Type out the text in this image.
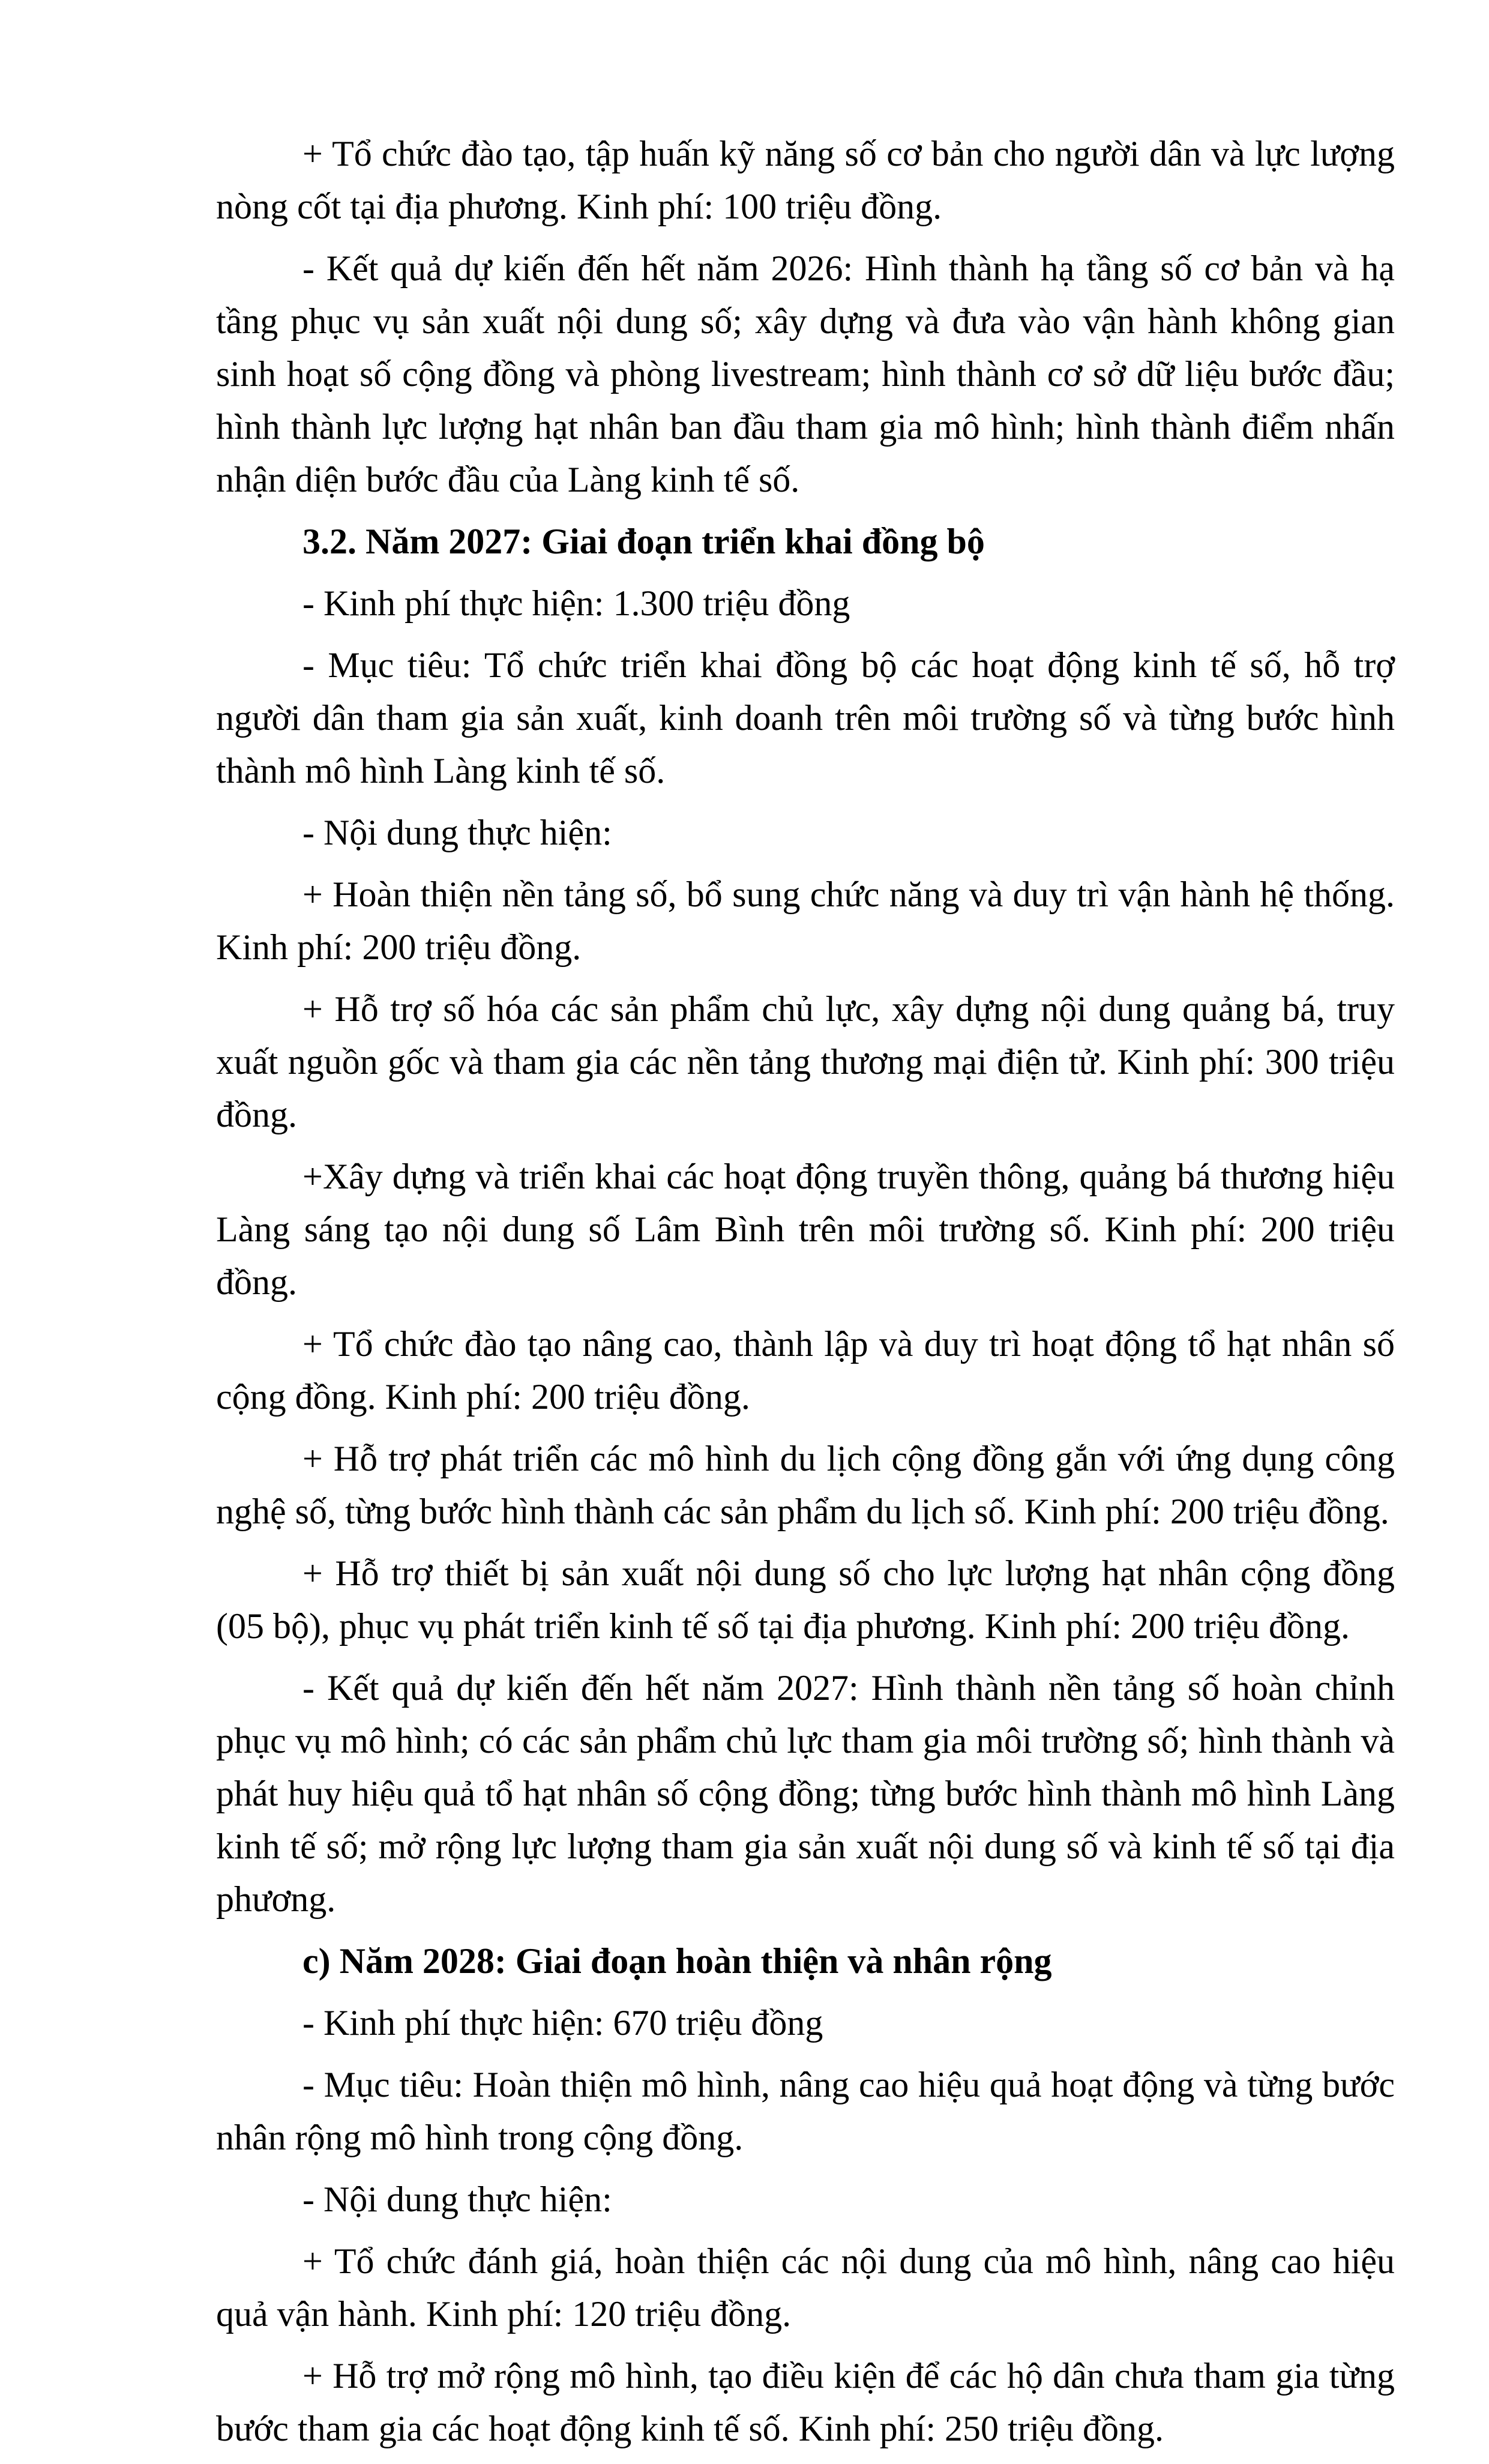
+ Tổ chức đào tạo, tập huấn kỹ năng số cơ bản cho người dân và lực lượng nòng cốt tại địa phương. Kinh phí: 100 triệu đồng.

- Kết quả dự kiến đến hết năm 2026: Hình thành hạ tầng số cơ bản và hạ tầng phục vụ sản xuất nội dung số; xây dựng và đưa vào vận hành không gian sinh hoạt số cộng đồng và phòng livestream; hình thành cơ sở dữ liệu bước đầu; hình thành lực lượng hạt nhân ban đầu tham gia mô hình; hình thành điểm nhấn nhận diện bước đầu của Làng kinh tế số.

3.2. Năm 2027: Giai đoạn triển khai đồng bộ

- Kinh phí thực hiện: 1.300 triệu đồng

- Mục tiêu: Tổ chức triển khai đồng bộ các hoạt động kinh tế số, hỗ trợ người dân tham gia sản xuất, kinh doanh trên môi trường số và từng bước hình thành mô hình Làng kinh tế số.

- Nội dung thực hiện:

+ Hoàn thiện nền tảng số, bổ sung chức năng và duy trì vận hành hệ thống. Kinh phí: 200 triệu đồng.

+ Hỗ trợ số hóa các sản phẩm chủ lực, xây dựng nội dung quảng bá, truy xuất nguồn gốc và tham gia các nền tảng thương mại điện tử. Kinh phí: 300 triệu đồng.

+Xây dựng và triển khai các hoạt động truyền thông, quảng bá thương hiệu Làng sáng tạo nội dung số Lâm Bình trên môi trường số. Kinh phí: 200 triệu đồng.

+ Tổ chức đào tạo nâng cao, thành lập và duy trì hoạt động tổ hạt nhân số cộng đồng. Kinh phí: 200 triệu đồng.

+ Hỗ trợ phát triển các mô hình du lịch cộng đồng gắn với ứng dụng công nghệ số, từng bước hình thành các sản phẩm du lịch số. Kinh phí: 200 triệu đồng.

+ Hỗ trợ thiết bị sản xuất nội dung số cho lực lượng hạt nhân cộng đồng (05 bộ), phục vụ phát triển kinh tế số tại địa phương. Kinh phí: 200 triệu đồng.

- Kết quả dự kiến đến hết năm 2027: Hình thành nền tảng số hoàn chỉnh phục vụ mô hình; có các sản phẩm chủ lực tham gia môi trường số; hình thành và phát huy hiệu quả tổ hạt nhân số cộng đồng; từng bước hình thành mô hình Làng kinh tế số; mở rộng lực lượng tham gia sản xuất nội dung số và kinh tế số tại địa phương.

c) Năm 2028: Giai đoạn hoàn thiện và nhân rộng

- Kinh phí thực hiện: 670 triệu đồng

- Mục tiêu: Hoàn thiện mô hình, nâng cao hiệu quả hoạt động và từng bước nhân rộng mô hình trong cộng đồng.

- Nội dung thực hiện:

+ Tổ chức đánh giá, hoàn thiện các nội dung của mô hình, nâng cao hiệu quả vận hành. Kinh phí: 120 triệu đồng.

+ Hỗ trợ mở rộng mô hình, tạo điều kiện để các hộ dân chưa tham gia từng bước tham gia các hoạt động kinh tế số. Kinh phí: 250 triệu đồng.
